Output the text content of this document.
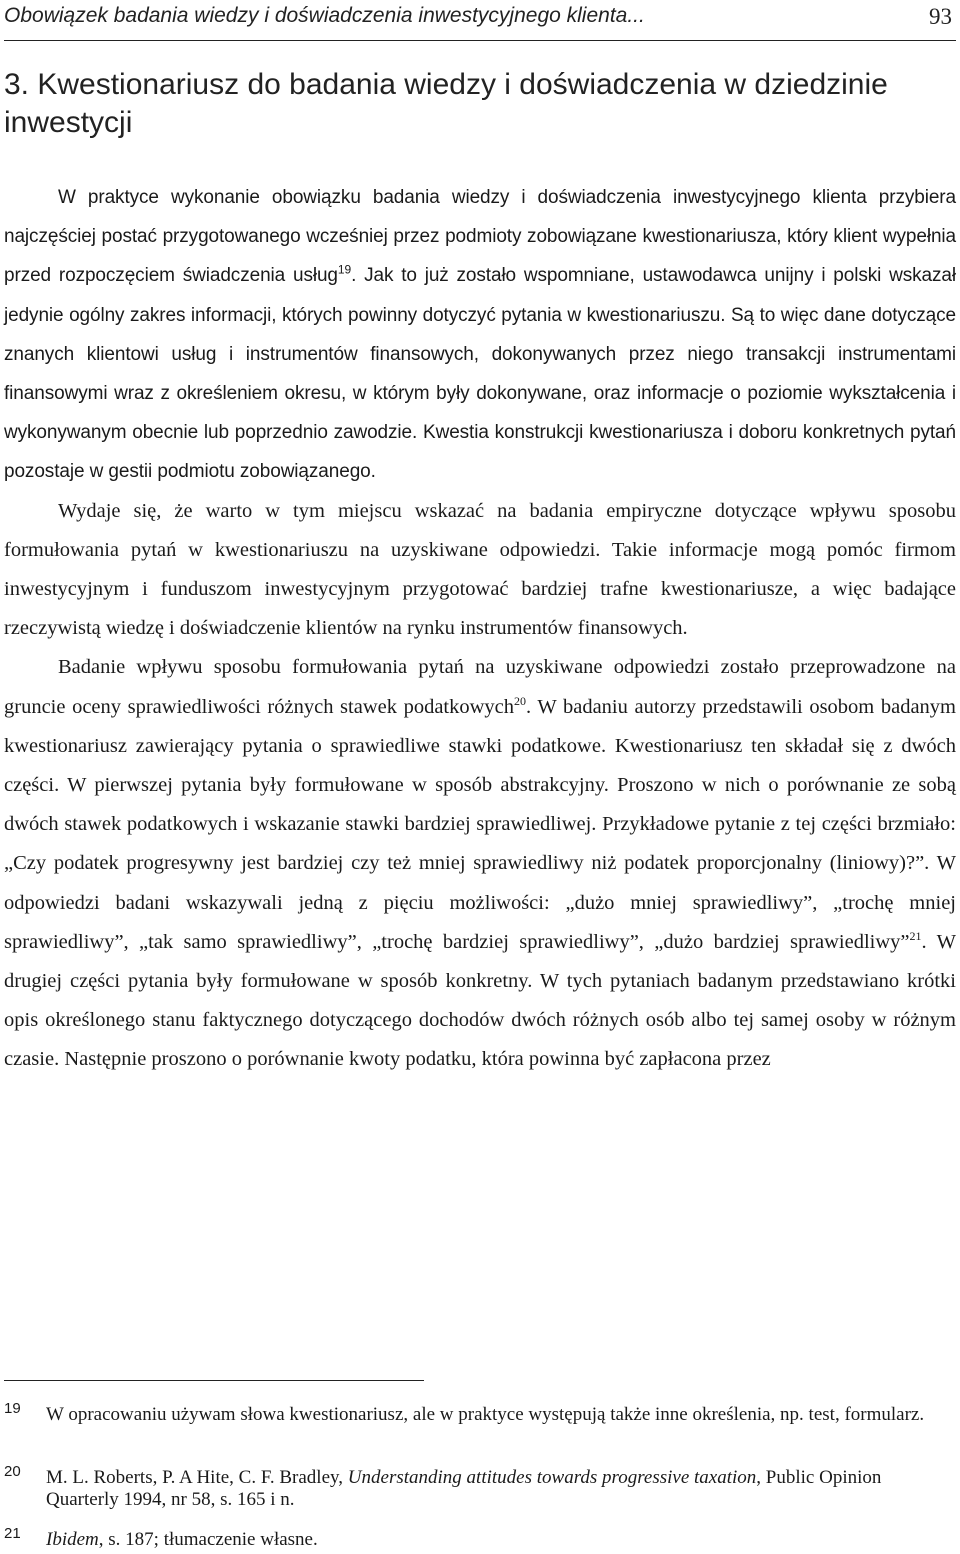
Obowiązek badania wiedzy i doświadczenia inwestycyjnego klienta...	93
3. Kwestionariusz do badania wiedzy i doświadczenia w dziedzinie inwestycji

W praktyce wykonanie obowiązku badania wiedzy i doświadczenia inwestycyjnego klienta przybiera najczęściej postać przygotowanego wcześniej przez podmioty zobowiązane kwestionariusza, który klient wypełnia przed rozpoczęciem świadczenia usług$^{19}$. Jak to już zostało wspomniane, ustawodawca unijny i polski wskazał jedynie ogólny zakres informacji, których powinny dotyczyć pytania w kwestionariuszu. Są to więc dane dotyczące znanych klientowi usług i instrumentów finansowych, dokonywanych przez niego transakcji instrumentami finansowymi wraz z określeniem okresu, w którym były dokonywane, oraz informacje o poziomie wykształcenia i wykonywanym obecnie lub poprzednio zawodzie. Kwestia konstrukcji kwestionariusza i doboru konkretnych pytań pozostaje w gestii podmiotu zobowiązanego.

Wydaje się, że warto w tym miejscu wskazać na badania empiryczne dotyczące wpływu sposobu formułowania pytań w kwestionariuszu na uzyskiwane odpowiedzi. Takie informacje mogą pomóc firmom inwestycyjnym i funduszom inwestycyjnym przygotować bardziej trafne kwestionariusze, a więc badające rzeczywistą wiedzę i doświadczenie klientów na rynku instrumentów finansowych.

Badanie wpływu sposobu formułowania pytań na uzyskiwane odpowiedzi zostało przeprowadzone na gruncie oceny sprawiedliwości różnych stawek podatkowych$^{20}$. W badaniu autorzy przedstawili osobom badanym kwestionariusz zawierający pytania o sprawiedliwe stawki podatkowe. Kwestionariusz ten składał się z dwóch części. W pierwszej pytania były formułowane w sposób abstrakcyjny. Proszono w nich o porównanie ze sobą dwóch stawek podatkowych i wskazanie stawki bardziej sprawiedliwej. Przykładowe pytanie z tej części brzmiało: „Czy podatek progresywny jest bardziej czy też mniej sprawiedliwy niż podatek proporcjonalny (liniowy)?”. W odpowiedzi badani wskazywali jedną z pięciu możliwości: „dużo mniej sprawiedliwy”, „trochę mniej sprawiedliwy”, „tak samo sprawiedliwy”, „trochę bardziej sprawiedliwy”, „dużo bardziej sprawiedliwy”$^{21}$. W drugiej części pytania były formułowane w sposób konkretny. W tych pytaniach badanym przedstawiano krótki opis określonego stanu faktycznego dotyczącego dochodów dwóch różnych osób albo tej samej osoby w różnym czasie. Następnie proszono o porównanie kwoty podatku, która powinna być zapłacona przez

19 W opracowaniu używam słowa kwestionariusz, ale w praktyce występują także inne określenia, np. test, formularz.
20 M. L. Roberts, P. A Hite, C. F. Bradley, Understanding attitudes towards progressive taxation, Public Opinion Quarterly 1994, nr 58, s. 165 i n.
21 Ibidem, s. 187; tłumaczenie własne.
